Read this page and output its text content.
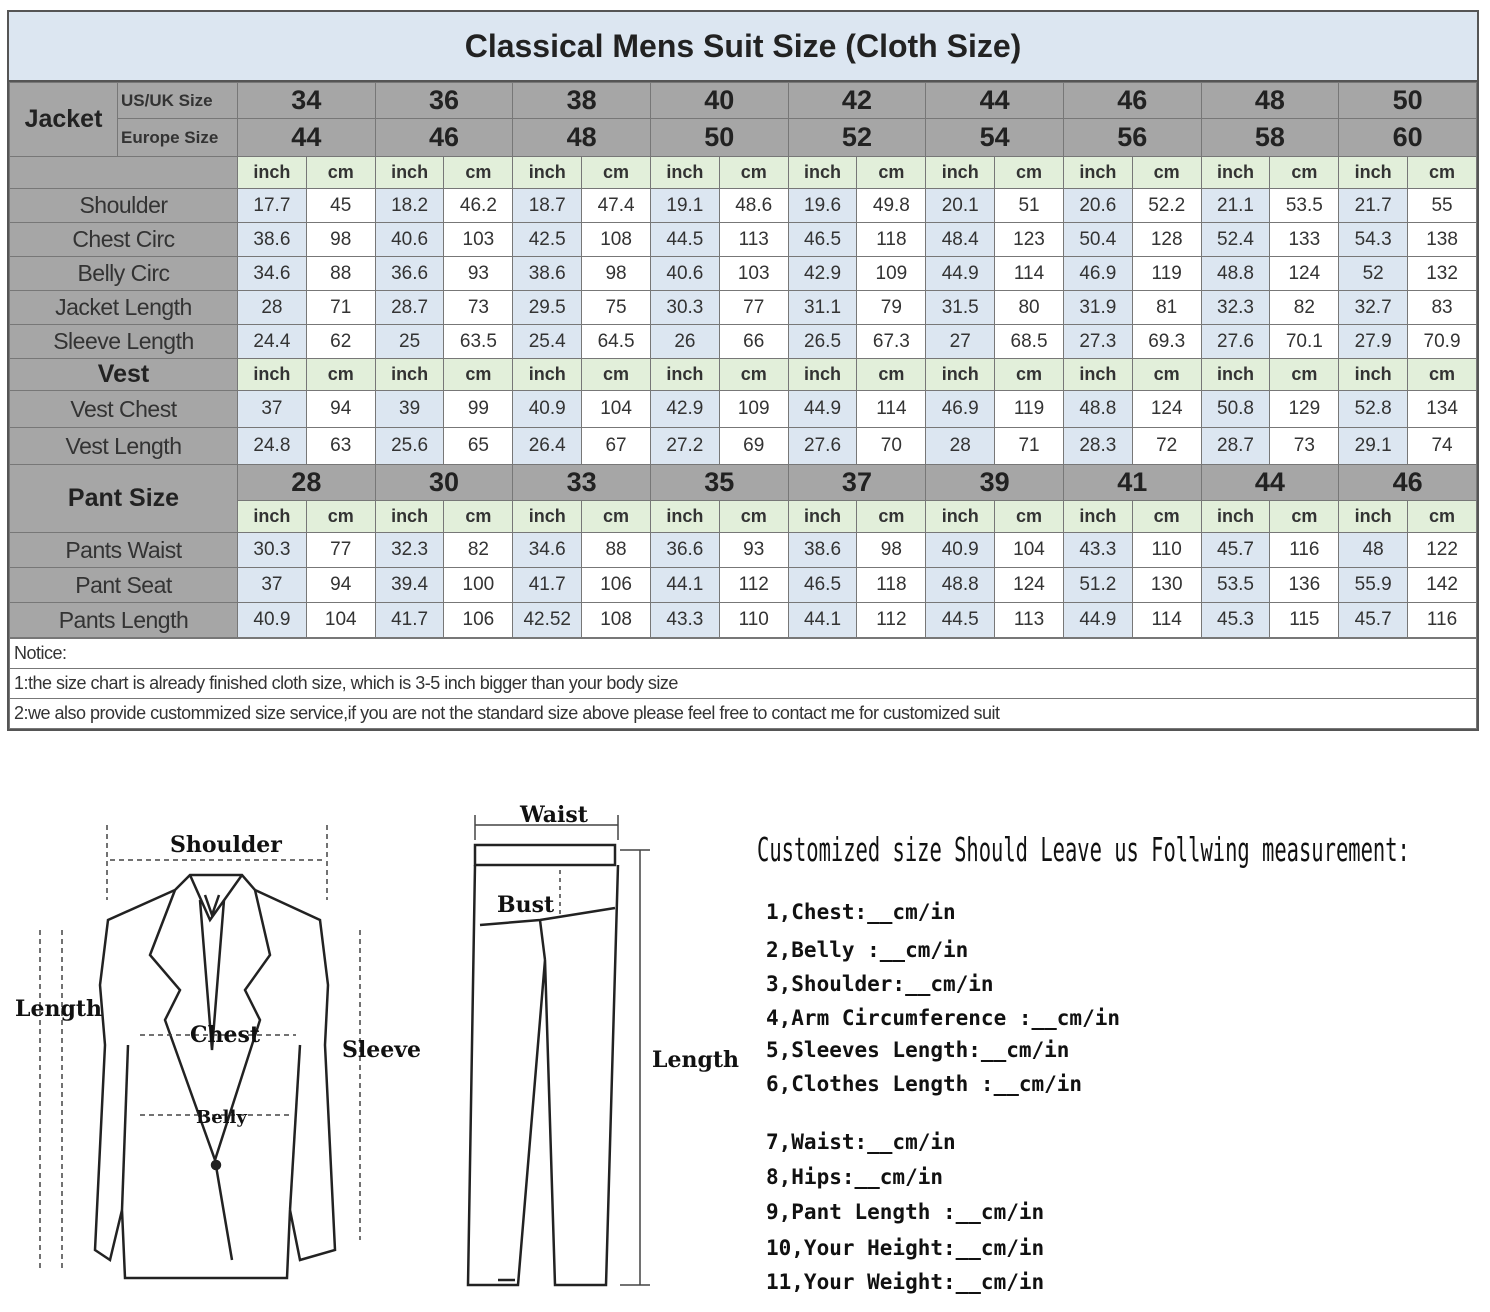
Classical Mens Suit Size (Cloth Size)
Jacket	US/UK Size	34		36		38		40		42		44		46		48		50	
	Europe Size	44		46		48		50		52		54		56		58		60	
		inch	cm	inch	cm	inch	cm	inch	cm	inch	cm	inch	cm	inch	cm	inch	cm	inch	cm
Shoulder		17.7	45	18.2	46.2	18.7	47.4	19.1	48.6	19.6	49.8	20.1	51	20.6	52.2	21.1	53.5	21.7	55
Chest Circ		38.6	98	40.6	103	42.5	108	44.5	113	46.5	118	48.4	123	50.4	128	52.4	133	54.3	138
Belly Circ		34.6	88	36.6	93	38.6	98	40.6	103	42.9	109	44.9	114	46.9	119	48.8	124	52	132
Jacket Length		28	71	28.7	73	29.5	75	30.3	77	31.1	79	31.5	80	31.9	81	32.3	82	32.7	83
Sleeve Length		24.4	62	25	63.5	25.4	64.5	26	66	26.5	67.3	27	68.5	27.3	69.3	27.6	70.1	27.9	70.9
Vest		inch	cm	inch	cm	inch	cm	inch	cm	inch	cm	inch	cm	inch	cm	inch	cm	inch	cm
Vest Chest		37	94	39	99	40.9	104	42.9	109	44.9	114	46.9	119	48.8	124	50.8	129	52.8	134
Vest Length		24.8	63	25.6	65	26.4	67	27.2	69	27.6	70	28	71	28.3	72	28.7	73	29.1	74
Pant Size		28		30		33		35		37		39		41		44		46	
		inch	cm	inch	cm	inch	cm	inch	cm	inch	cm	inch	cm	inch	cm	inch	cm	inch	cm
Pants Waist		30.3	77	32.3	82	34.6	88	36.6	93	38.6	98	40.9	104	43.3	110	45.7	116	48	122
Pant Seat		37	94	39.4	100	41.7	106	44.1	112	46.5	118	48.8	124	51.2	130	53.5	136	55.9	142
Pants Length		40.9	104	41.7	106	42.52	108	43.3	110	44.1	112	44.5	113	44.9	114	45.3	115	45.7	116
Notice:
1:the size chart is already finished cloth size, which is 3-5 inch bigger than your body size
2:we also provide custommized size service,if you are not the standard size above please feel free to contact me for customized suit
Shoulder
Length
Chest
Sleeve
Belly
Waist
Bust
Length
Customized size Should Leave us Follwing measurement:
1,Chest:__cm/in
2,Belly :__cm/in
3,Shoulder:__cm/in
4,Arm Circumference :__cm/in
5,Sleeves Length:__cm/in
6,Clothes Length :__cm/in
7,Waist:__cm/in
8,Hips:__cm/in
9,Pant Length :__cm/in
10,Your Height:__cm/in
11,Your Weight:__cm/in
